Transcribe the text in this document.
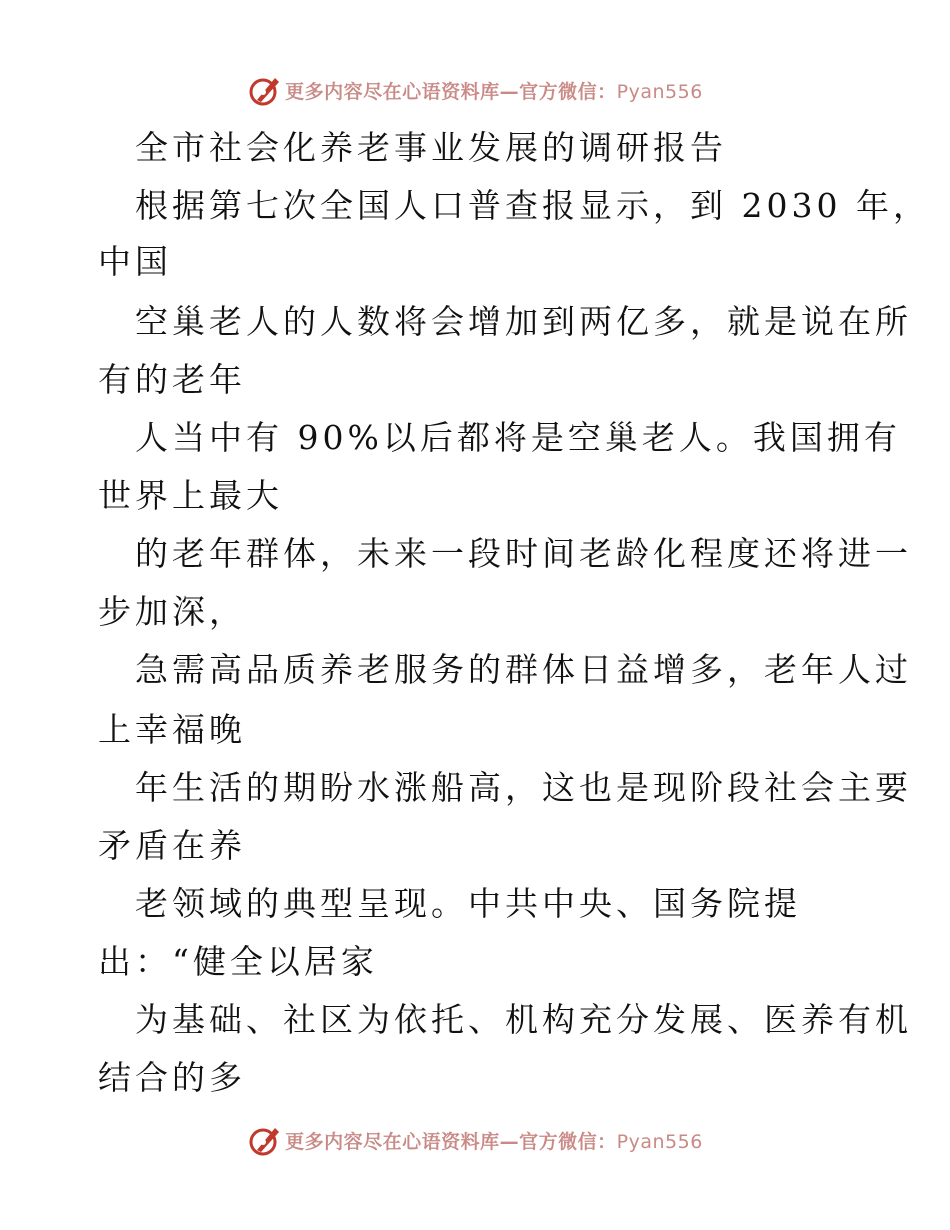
更多内容尽在心语资料库—官方微信：Pyan556
全市社会化养老事业发展的调研报告
根据第七次全国人口普查报显示，到 2030 年，
中国
空巢老人的人数将会增加到两亿多，就是说在所
有的老年
人当中有 90%以后都将是空巢老人。我国拥有
世界上最大
的老年群体，未来一段时间老龄化程度还将进一
步加深，
急需高品质养老服务的群体日益增多，老年人过
上幸福晚
年生活的期盼水涨船高，这也是现阶段社会主要
矛盾在养
老领域的典型呈现。中共中央、国务院提
出：“健全以居家
为基础、社区为依托、机构充分发展、医养有机
结合的多
更多内容尽在心语资料库—官方微信：Pyan556
